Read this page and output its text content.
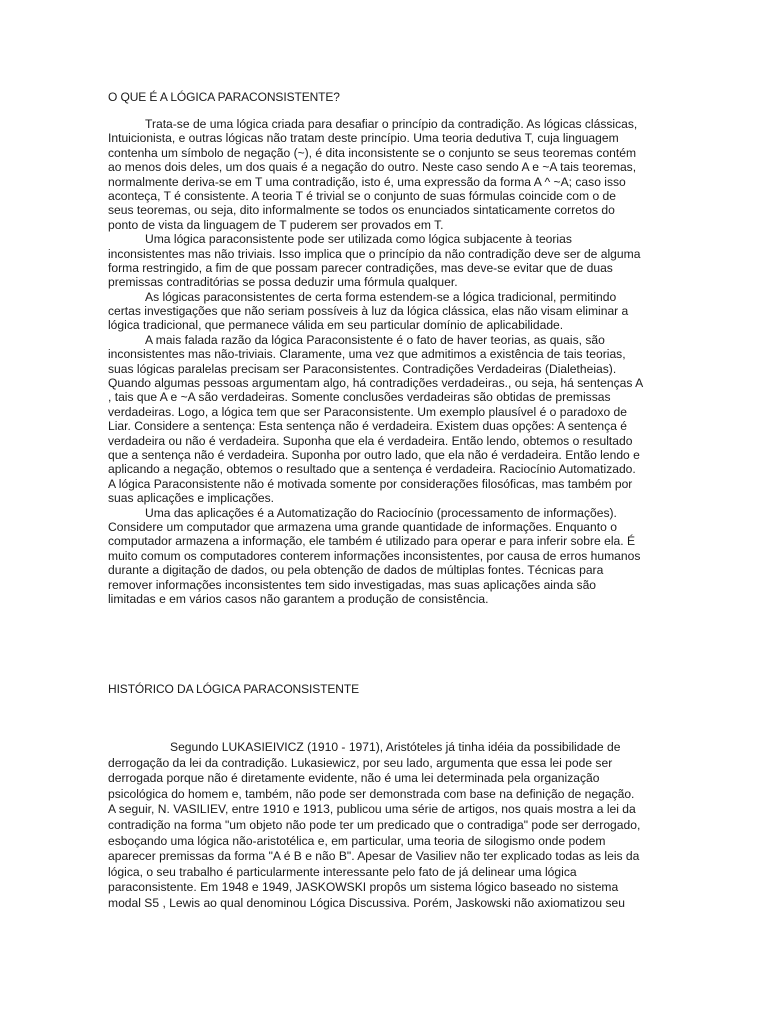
O QUE É A LÓGICA PARACONSISTENTE?
Trata-se de uma lógica criada para desafiar o princípio da contradição. As lógicas clássicas,
Intuicionista, e outras lógicas não tratam deste princípio. Uma teoria dedutiva T, cuja linguagem
contenha um símbolo de negação (~), é dita inconsistente se o conjunto se seus teoremas contém
ao menos dois deles, um dos quais é a negação do outro. Neste caso sendo A e ~A tais teoremas,
normalmente deriva-se em T uma contradição, isto é, uma expressão da forma A ^ ~A; caso isso
aconteça, T é consistente. A teoria T é trivial se o conjunto de suas fórmulas coincide com o de
seus teoremas, ou seja, dito informalmente se todos os enunciados sintaticamente corretos do
ponto de vista da linguagem de T puderem ser provados em T.
Uma lógica paraconsistente pode ser utilizada como lógica subjacente à teorias
inconsistentes mas não triviais. Isso implica que o princípio da não contradição deve ser de alguma
forma restringido, a fim de que possam parecer contradições, mas deve-se evitar que de duas
premissas contraditórias se possa deduzir uma fórmula qualquer.
As lógicas paraconsistentes de certa forma estendem-se a lógica tradicional, permitindo
certas investigações que não seriam possíveis à luz da lógica clássica, elas não visam eliminar a
lógica tradicional, que permanece válida em seu particular domínio de aplicabilidade.
A mais falada razão da lógica Paraconsistente é o fato de haver teorias, as quais, são
inconsistentes mas não-triviais. Claramente, uma vez que admitimos a existência de tais teorias,
suas lógicas paralelas precisam ser Paraconsistentes. Contradições Verdadeiras (Dialetheias).
Quando algumas pessoas argumentam algo, há contradições verdadeiras., ou seja, há sentenças A
, tais que A e ~A são verdadeiras. Somente conclusões verdadeiras são obtidas de premissas
verdadeiras. Logo, a lógica tem que ser Paraconsistente. Um exemplo plausível é o paradoxo de
Liar. Considere a sentença: Esta sentença não é verdadeira. Existem duas opções: A sentença é
verdadeira ou não é verdadeira. Suponha que ela é verdadeira. Então lendo, obtemos o resultado
que a sentença não é verdadeira. Suponha por outro lado, que ela não é verdadeira. Então lendo e
aplicando a negação, obtemos o resultado que a sentença é verdadeira. Raciocínio Automatizado.
A lógica Paraconsistente não é motivada somente por considerações filosóficas, mas também por
suas aplicações e implicações.
Uma das aplicações é a Automatização do Raciocínio (processamento de informações).
Considere um computador que armazena uma grande quantidade de informações. Enquanto o
computador armazena a informação, ele também é utilizado para operar e para inferir sobre ela. É
muito comum os computadores conterem informações inconsistentes, por causa de erros humanos
durante a digitação de dados, ou pela obtenção de dados de múltiplas fontes. Técnicas para
remover informações inconsistentes tem sido investigadas, mas suas aplicações ainda são
limitadas e em vários casos não garantem a produção de consistência.
HISTÓRICO DA LÓGICA PARACONSISTENTE
Segundo LUKASIEIVICZ (1910 - 1971), Aristóteles já tinha idéia da possibilidade de
derrogação da lei da contradição. Lukasiewicz, por seu lado, argumenta que essa lei pode ser
derrogada porque não é diretamente evidente, não é uma lei determinada pela organização
psicológica do homem e, também, não pode ser demonstrada com base na definição de negação.
A seguir, N. VASILIEV, entre 1910 e 1913, publicou uma série de artigos, nos quais mostra a lei da
contradição na forma "um objeto não pode ter um predicado que o contradiga" pode ser derrogado,
esboçando uma lógica não-aristotélica e, em particular, uma teoria de silogismo onde podem
aparecer premissas da forma "A é B e não B". Apesar de Vasiliev não ter explicado todas as leis da
lógica, o seu trabalho é particularmente interessante pelo fato de já delinear uma lógica
paraconsistente. Em 1948 e 1949, JASKOWSKI propôs um sistema lógico baseado no sistema
modal S5 , Lewis ao qual denominou Lógica Discussiva. Porém, Jaskowski não axiomatizou seu
